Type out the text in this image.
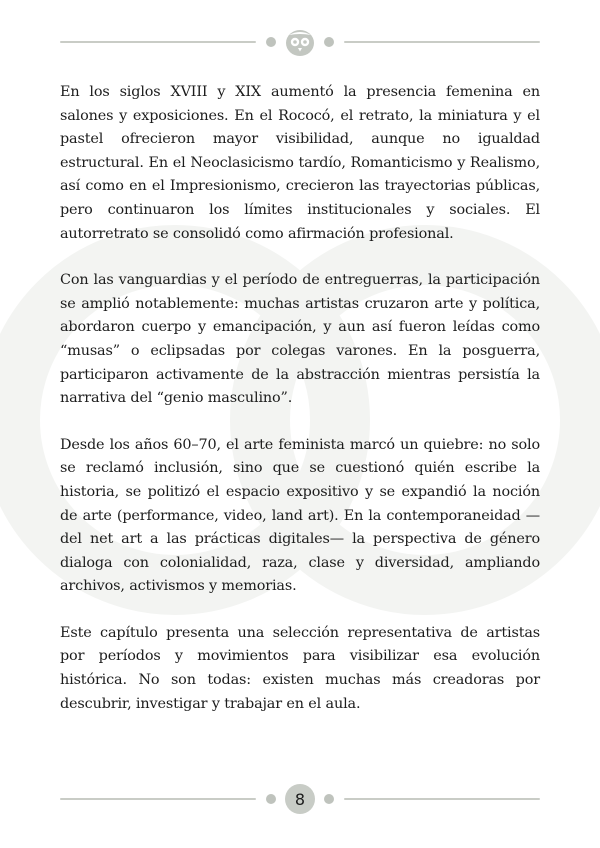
En los siglos XVIII y XIX aumentó la presencia femenina en salones y exposiciones. En el Rococó, el retrato, la miniatura y el pastel ofrecieron mayor visibilidad, aunque no igualdad estructural. En el Neoclasicismo tardío, Romanticismo y Realismo, así como en el Impresionismo, crecieron las trayectorias públicas, pero continuaron los límites institucionales y sociales. El autorretrato se consolidó como afirmación profesional.

Con las vanguardias y el período de entreguerras, la participación se amplió notablemente: muchas artistas cruzaron arte y política, abordaron cuerpo y emancipación, y aun así fueron leídas como “musas” o eclipsadas por colegas varones. En la posguerra, participaron activamente de la abstracción mientras persistía la narrativa del “genio masculino”.

Desde los años 60–70, el arte feminista marcó un quiebre: no solo se reclamó inclusión, sino que se cuestionó quién escribe la historia, se politizó el espacio expositivo y se expandió la noción de arte (performance, video, land art). En la contemporaneidad —del net art a las prácticas digitales— la perspectiva de género dialoga con colonialidad, raza, clase y diversidad, ampliando archivos, activismos y memorias.

Este capítulo presenta una selección representativa de artistas por períodos y movimientos para visibilizar esa evolución histórica. No son todas: existen muchas más creadoras por descubrir, investigar y trabajar en el aula.

8
